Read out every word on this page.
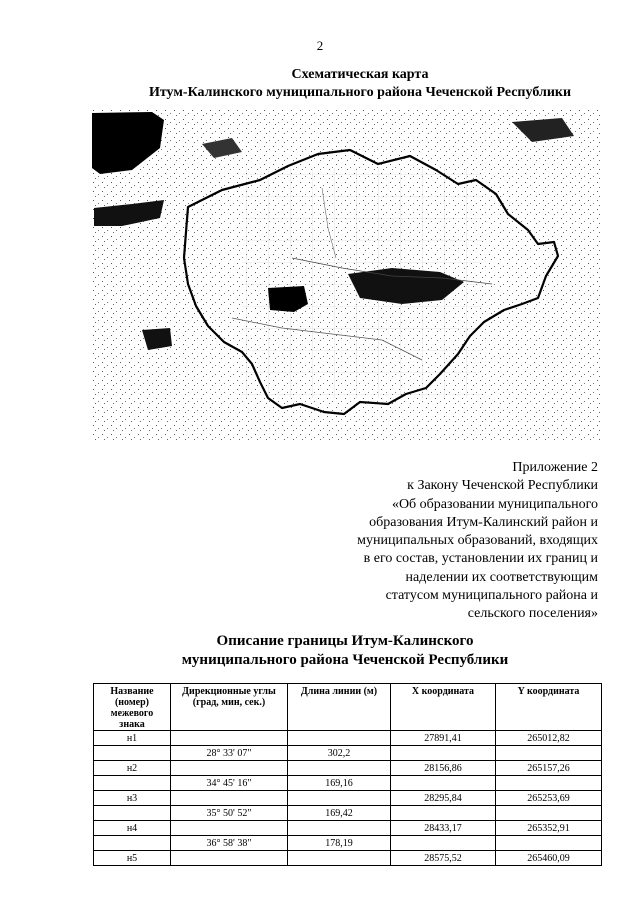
2
Схематическая карта
Итум-Калинского муниципального района Чеченской Республики
Приложение 2
к Закону Чеченской Республики
«Об образовании муниципального
образования Итум-Калинский район и
муниципальных образований, входящих
в его состав, установлении их границ и
наделении их соответствующим
статусом муниципального района и
сельского поселения»
Описание границы Итум-Калинского
муниципального района Чеченской Республики
Название (номер) межевого знака	Дирекционные углы (град, мин, сек.)	Длина линии (м)	X координата	Y координата
н1			27891,41	265012,82
	28° 33' 07"	302,2		
н2			28156,86	265157,26
	34° 45' 16"	169,16		
н3			28295,84	265253,69
	35° 50' 52"	169,42		
н4			28433,17	265352,91
	36° 58' 38"	178,19		
н5			28575,52	265460,09
